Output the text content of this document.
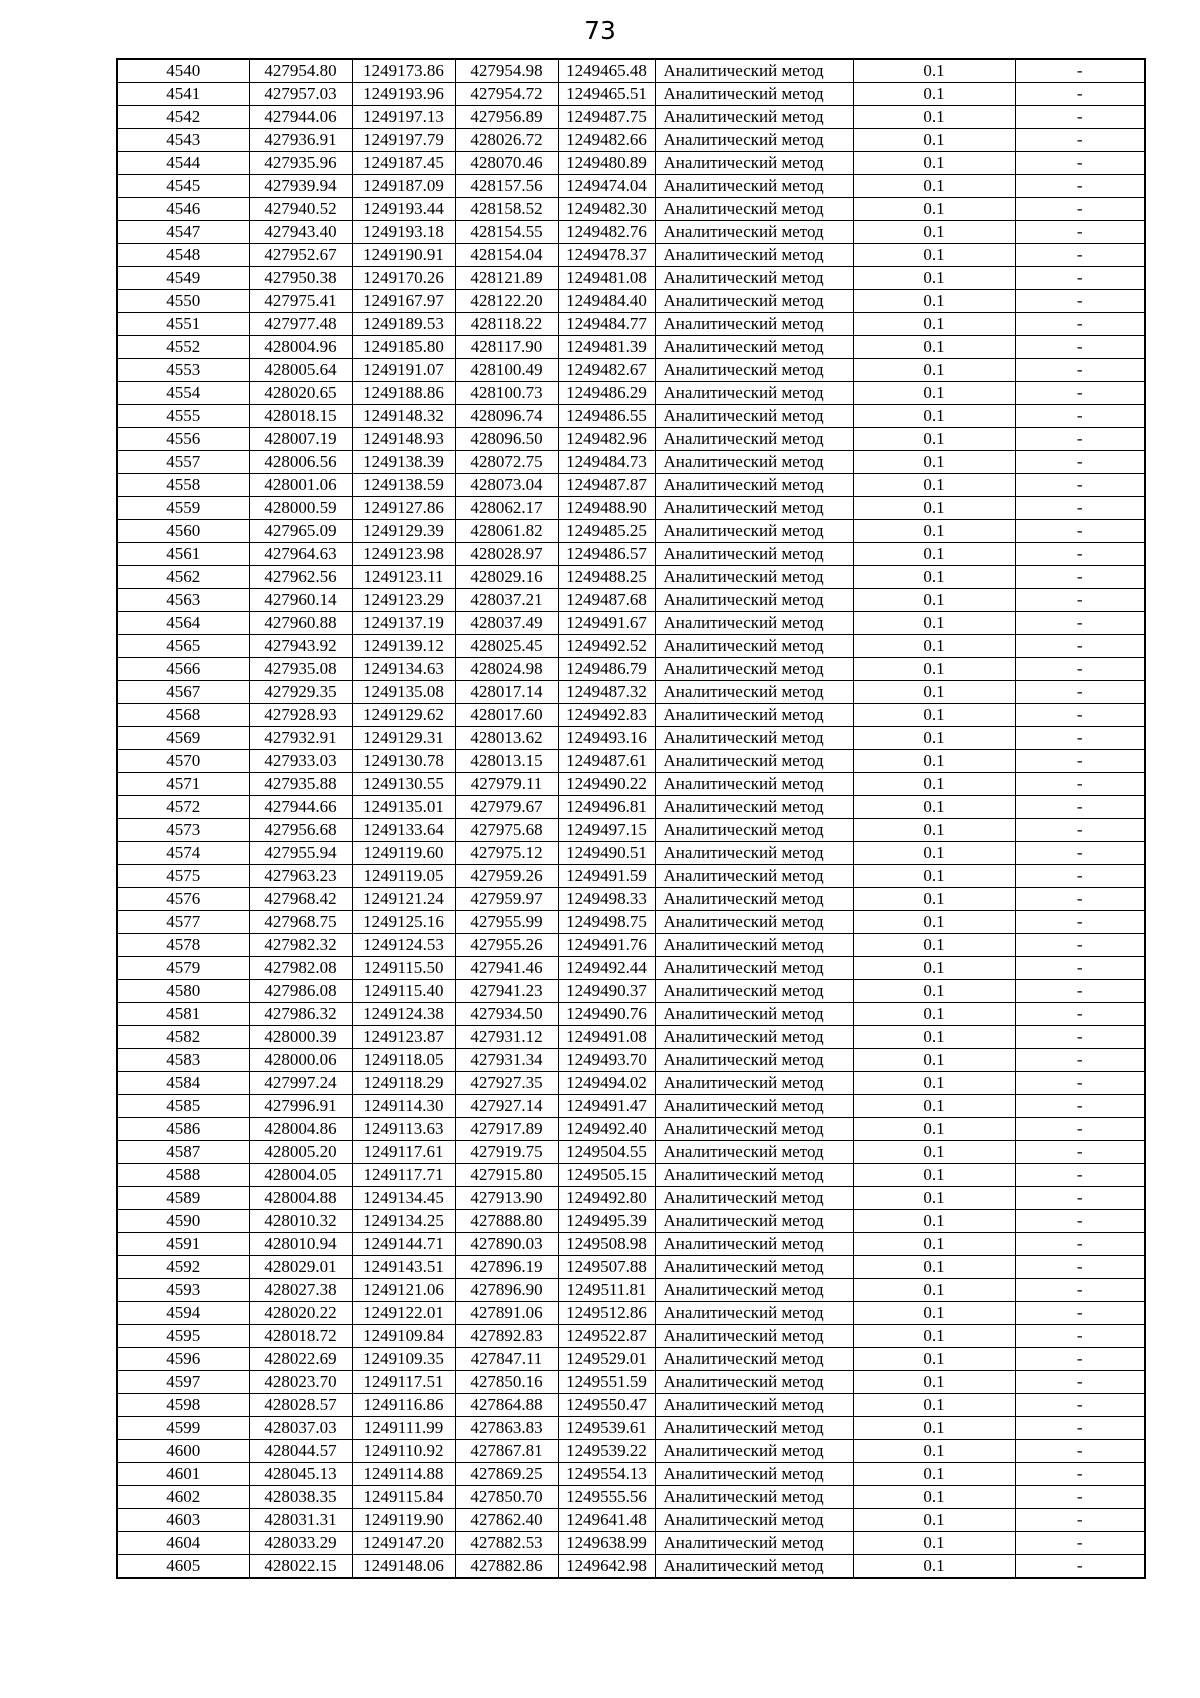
73
4540	427954.80	1249173.86	427954.98	1249465.48	Аналитический метод	0.1	-
4541	427957.03	1249193.96	427954.72	1249465.51	Аналитический метод	0.1	-
4542	427944.06	1249197.13	427956.89	1249487.75	Аналитический метод	0.1	-
4543	427936.91	1249197.79	428026.72	1249482.66	Аналитический метод	0.1	-
4544	427935.96	1249187.45	428070.46	1249480.89	Аналитический метод	0.1	-
4545	427939.94	1249187.09	428157.56	1249474.04	Аналитический метод	0.1	-
4546	427940.52	1249193.44	428158.52	1249482.30	Аналитический метод	0.1	-
4547	427943.40	1249193.18	428154.55	1249482.76	Аналитический метод	0.1	-
4548	427952.67	1249190.91	428154.04	1249478.37	Аналитический метод	0.1	-
4549	427950.38	1249170.26	428121.89	1249481.08	Аналитический метод	0.1	-
4550	427975.41	1249167.97	428122.20	1249484.40	Аналитический метод	0.1	-
4551	427977.48	1249189.53	428118.22	1249484.77	Аналитический метод	0.1	-
4552	428004.96	1249185.80	428117.90	1249481.39	Аналитический метод	0.1	-
4553	428005.64	1249191.07	428100.49	1249482.67	Аналитический метод	0.1	-
4554	428020.65	1249188.86	428100.73	1249486.29	Аналитический метод	0.1	-
4555	428018.15	1249148.32	428096.74	1249486.55	Аналитический метод	0.1	-
4556	428007.19	1249148.93	428096.50	1249482.96	Аналитический метод	0.1	-
4557	428006.56	1249138.39	428072.75	1249484.73	Аналитический метод	0.1	-
4558	428001.06	1249138.59	428073.04	1249487.87	Аналитический метод	0.1	-
4559	428000.59	1249127.86	428062.17	1249488.90	Аналитический метод	0.1	-
4560	427965.09	1249129.39	428061.82	1249485.25	Аналитический метод	0.1	-
4561	427964.63	1249123.98	428028.97	1249486.57	Аналитический метод	0.1	-
4562	427962.56	1249123.11	428029.16	1249488.25	Аналитический метод	0.1	-
4563	427960.14	1249123.29	428037.21	1249487.68	Аналитический метод	0.1	-
4564	427960.88	1249137.19	428037.49	1249491.67	Аналитический метод	0.1	-
4565	427943.92	1249139.12	428025.45	1249492.52	Аналитический метод	0.1	-
4566	427935.08	1249134.63	428024.98	1249486.79	Аналитический метод	0.1	-
4567	427929.35	1249135.08	428017.14	1249487.32	Аналитический метод	0.1	-
4568	427928.93	1249129.62	428017.60	1249492.83	Аналитический метод	0.1	-
4569	427932.91	1249129.31	428013.62	1249493.16	Аналитический метод	0.1	-
4570	427933.03	1249130.78	428013.15	1249487.61	Аналитический метод	0.1	-
4571	427935.88	1249130.55	427979.11	1249490.22	Аналитический метод	0.1	-
4572	427944.66	1249135.01	427979.67	1249496.81	Аналитический метод	0.1	-
4573	427956.68	1249133.64	427975.68	1249497.15	Аналитический метод	0.1	-
4574	427955.94	1249119.60	427975.12	1249490.51	Аналитический метод	0.1	-
4575	427963.23	1249119.05	427959.26	1249491.59	Аналитический метод	0.1	-
4576	427968.42	1249121.24	427959.97	1249498.33	Аналитический метод	0.1	-
4577	427968.75	1249125.16	427955.99	1249498.75	Аналитический метод	0.1	-
4578	427982.32	1249124.53	427955.26	1249491.76	Аналитический метод	0.1	-
4579	427982.08	1249115.50	427941.46	1249492.44	Аналитический метод	0.1	-
4580	427986.08	1249115.40	427941.23	1249490.37	Аналитический метод	0.1	-
4581	427986.32	1249124.38	427934.50	1249490.76	Аналитический метод	0.1	-
4582	428000.39	1249123.87	427931.12	1249491.08	Аналитический метод	0.1	-
4583	428000.06	1249118.05	427931.34	1249493.70	Аналитический метод	0.1	-
4584	427997.24	1249118.29	427927.35	1249494.02	Аналитический метод	0.1	-
4585	427996.91	1249114.30	427927.14	1249491.47	Аналитический метод	0.1	-
4586	428004.86	1249113.63	427917.89	1249492.40	Аналитический метод	0.1	-
4587	428005.20	1249117.61	427919.75	1249504.55	Аналитический метод	0.1	-
4588	428004.05	1249117.71	427915.80	1249505.15	Аналитический метод	0.1	-
4589	428004.88	1249134.45	427913.90	1249492.80	Аналитический метод	0.1	-
4590	428010.32	1249134.25	427888.80	1249495.39	Аналитический метод	0.1	-
4591	428010.94	1249144.71	427890.03	1249508.98	Аналитический метод	0.1	-
4592	428029.01	1249143.51	427896.19	1249507.88	Аналитический метод	0.1	-
4593	428027.38	1249121.06	427896.90	1249511.81	Аналитический метод	0.1	-
4594	428020.22	1249122.01	427891.06	1249512.86	Аналитический метод	0.1	-
4595	428018.72	1249109.84	427892.83	1249522.87	Аналитический метод	0.1	-
4596	428022.69	1249109.35	427847.11	1249529.01	Аналитический метод	0.1	-
4597	428023.70	1249117.51	427850.16	1249551.59	Аналитический метод	0.1	-
4598	428028.57	1249116.86	427864.88	1249550.47	Аналитический метод	0.1	-
4599	428037.03	1249111.99	427863.83	1249539.61	Аналитический метод	0.1	-
4600	428044.57	1249110.92	427867.81	1249539.22	Аналитический метод	0.1	-
4601	428045.13	1249114.88	427869.25	1249554.13	Аналитический метод	0.1	-
4602	428038.35	1249115.84	427850.70	1249555.56	Аналитический метод	0.1	-
4603	428031.31	1249119.90	427862.40	1249641.48	Аналитический метод	0.1	-
4604	428033.29	1249147.20	427882.53	1249638.99	Аналитический метод	0.1	-
4605	428022.15	1249148.06	427882.86	1249642.98	Аналитический метод	0.1	-
